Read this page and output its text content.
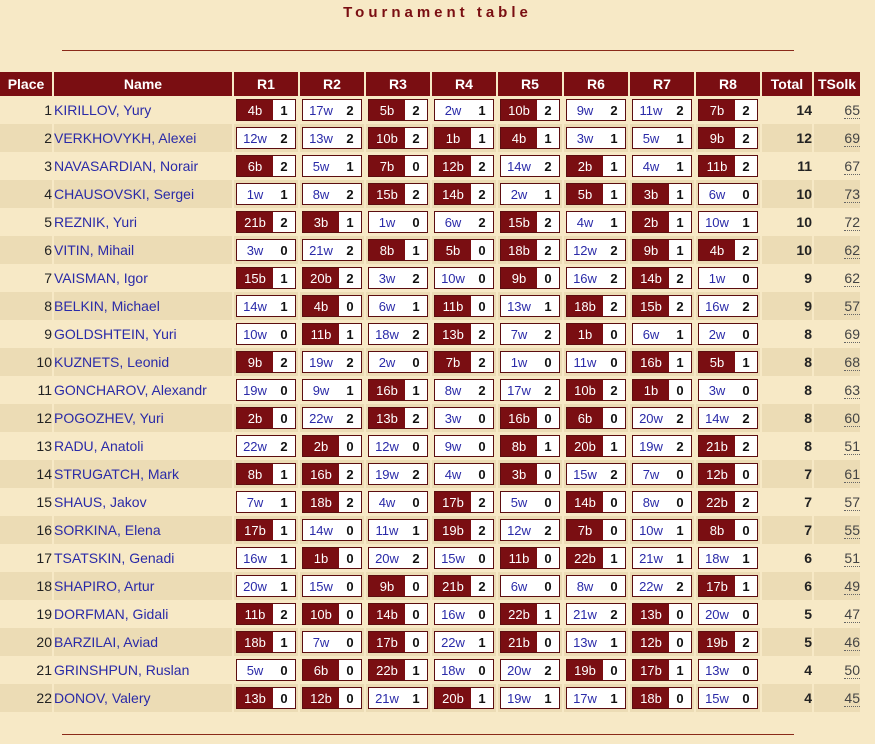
Tournament table
Place	Name	R1	R2	R3	R4	R5	R6	R7	R8	Total	TSolk
1	KIRILLOV, Yury	4b 1	17w 2	5b 2	2w 1	10b 2	9w 2	11w 2	7b 2	14	65
2	VERKHOVYKH, Alexei	12w 2	13w 2	10b 2	1b 1	4b 1	3w 1	5w 1	9b 2	12	69
3	NAVASARDIAN, Norair	6b 2	5w 1	7b 0	12b 2	14w 2	2b 1	4w 1	11b 2	11	67
4	CHAUSOVSKI, Sergei	1w 1	8w 2	15b 2	14b 2	2w 1	5b 1	3b 1	6w 0	10	73
5	REZNIK, Yuri	21b 2	3b 1	1w 0	6w 2	15b 2	4w 1	2b 1	10w 1	10	72
6	VITIN, Mihail	3w 0	21w 2	8b 1	5b 0	18b 2	12w 2	9b 1	4b 2	10	62
7	VAISMAN, Igor	15b 1	20b 2	3w 2	10w 0	9b 0	16w 2	14b 2	1w 0	9	62
8	BELKIN, Michael	14w 1	4b 0	6w 1	11b 0	13w 1	18b 2	15b 2	16w 2	9	57
9	GOLDSHTEIN, Yuri	10w 0	11b 1	18w 2	13b 2	7w 2	1b 0	6w 1	2w 0	8	69
10	KUZNETS, Leonid	9b 2	19w 2	2w 0	7b 2	1w 0	11w 0	16b 1	5b 1	8	68
11	GONCHAROV, Alexandr	19w 0	9w 1	16b 1	8w 2	17w 2	10b 2	1b 0	3w 0	8	63
12	POGOZHEV, Yuri	2b 0	22w 2	13b 2	3w 0	16b 0	6b 0	20w 2	14w 2	8	60
13	RADU, Anatoli	22w 2	2b 0	12w 0	9w 0	8b 1	20b 1	19w 2	21b 2	8	51
14	STRUGATCH, Mark	8b 1	16b 2	19w 2	4w 0	3b 0	15w 2	7w 0	12b 0	7	61
15	SHAUS, Jakov	7w 1	18b 2	4w 0	17b 2	5w 0	14b 0	8w 0	22b 2	7	57
16	SORKINA, Elena	17b 1	14w 0	11w 1	19b 2	12w 2	7b 0	10w 1	8b 0	7	55
17	TSATSKIN, Genadi	16w 1	1b 0	20w 2	15w 0	11b 0	22b 1	21w 1	18w 1	6	51
18	SHAPIRO, Artur	20w 1	15w 0	9b 0	21b 2	6w 0	8w 0	22w 2	17b 1	6	49
19	DORFMAN, Gidali	11b 2	10b 0	14b 0	16w 0	22b 1	21w 2	13b 0	20w 0	5	47
20	BARZILAI, Aviad	18b 1	7w 0	17b 0	22w 1	21b 0	13w 1	12b 0	19b 2	5	46
21	GRINSHPUN, Ruslan	5w 0	6b 0	22b 1	18w 0	20w 2	19b 0	17b 1	13w 0	4	50
22	DONOV, Valery	13b 0	12b 0	21w 1	20b 1	19w 1	17w 1	18b 0	15w 0	4	45
